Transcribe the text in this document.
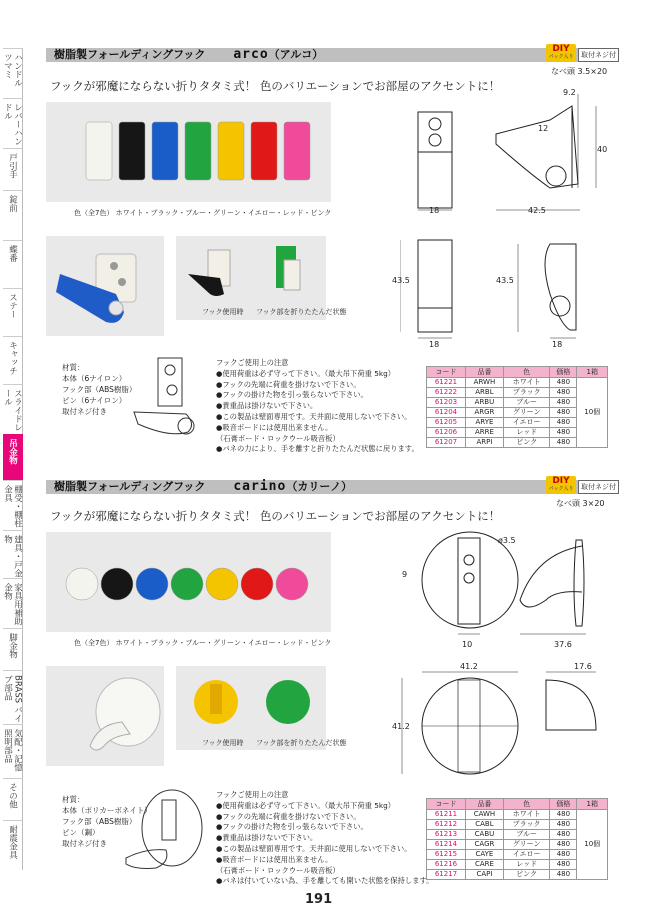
ハンドル ツマミ
レバーハンドル
戸引手
錠前
蝶番
ステー
キャッチ
スライドレール
吊金物
棚受・棚柱金具
建具・戸金物
家具用補助金物
脚金物
BRASS バイブ部品
気配・記憶 照明部品
その他
耐震金具
樹脂製フォールディングフック arco（アルコ）	DIY
パック入り	取付ネジ付
なべ頭 3.5×20
フックが邪魔にならない折りタタミ式！ 色のバリエーションでお部屋のアクセントに！
色（全7色） ホワイト・ブラック・ブルー・グリーン・イエロー・レッド・ピンク
フック使用時 フック部を折りたたんだ状態
材質：
本体（6ナイロン）
フック部（ABS樹脂）
ピン（6ナイロン）
取付ネジ付き
フックご使用上の注意
●使用荷重は必ず守って下さい。（最大吊下荷重 5kg）
●フックの先端に荷重を掛けないで下さい。
●フックの掛けた物を引っ張らないで下さい。
●貴重品は掛けないで下さい。
●この製品は壁面専用です。天井面に使用しないで下さい。
●吸音ボードには使用出来ません。
（石膏ボード・ロックウール吸音板）
●バネの力により、手を離すと折りたたんだ状態に戻ります。
9.2
12
40
18	42.5
43.5	43.5
18	18
コード	品番	色	価格	1箱
61221	ARWH	ホワイト	480	10個
61222	ARBL	ブラック	480	
61203	ARBU	ブルー	480	
61204	ARGR	グリーン	480	
61205	ARYE	イエロー	480	
61206	ARRE	レッド	480	
61207	ARPI	ピンク	480	
樹脂製フォールディングフック carino（カリーノ）	DIY
パック入り	取付ネジ付
なべ頭 3×20
フックが邪魔にならない折りタタミ式！ 色のバリエーションでお部屋のアクセントに！
色（全7色） ホワイト・ブラック・ブルー・グリーン・イエロー・レッド・ピンク
フック使用時 フック部を折りたたんだ状態
材質：
本体（ポリカーボネイト）
フック部（ABS樹脂）
ピン（鋼）
取付ネジ付き
フックご使用上の注意
●使用荷重は必ず守って下さい。（最大吊下荷重 5kg）
●フックの先端に荷重を掛けないで下さい。
●フックの掛けた物を引っ張らないで下さい。
●貴重品は掛けないで下さい。
●この製品は壁面専用です。天井面に使用しないで下さい。
●吸音ボードには使用出来ません。
（石膏ボード・ロックウール吸音板）
●バネは付いていない為、手を離しても開いた状態を保持します。
ø3.5
9
10	37.6
41.2
41.2
17.6
コード	品番	色	価格	1箱
61211	CAWH	ホワイト	480	10個
61212	CABL	ブラック	480	
61213	CABU	ブルー	480	
61214	CAGR	グリーン	480	
61215	CAYE	イエロー	480	
61216	CARE	レッド	480	
61217	CAPI	ピンク	480	
191
